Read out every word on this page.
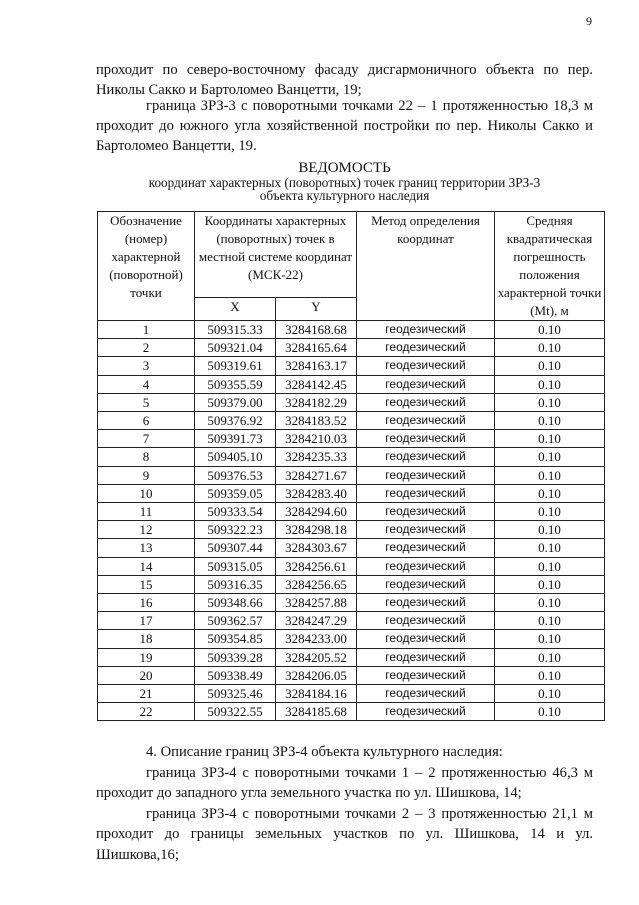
9
проходит по северо-восточному фасаду дисгармоничного объекта по пер. Николы Сакко и Бартоломео Ванцетти, 19;
граница ЗРЗ-3 с поворотными точками 22 – 1 протяженностью 18,3 м проходит до южного угла хозяйственной постройки по пер. Николы Сакко и Бартоломео Ванцетти, 19.
ВЕДОМОСТЬ
координат характерных (поворотных) точек границ территории ЗРЗ-3
объекта культурного наследия
Обозначение (номер) характерной (поворотной) точки	Координаты характерных (поворотных) точек в местной системе координат (МСК-22)		Метод определения координат	Средняя квадратическая погрешность положения характерной точки (Mt), м
	X	Y		
1	509315.33	3284168.68	геодезический	0.10
2	509321.04	3284165.64	геодезический	0.10
3	509319.61	3284163.17	геодезический	0.10
4	509355.59	3284142.45	геодезический	0.10
5	509379.00	3284182.29	геодезический	0.10
6	509376.92	3284183.52	геодезический	0.10
7	509391.73	3284210.03	геодезический	0.10
8	509405.10	3284235.33	геодезический	0.10
9	509376.53	3284271.67	геодезический	0.10
10	509359.05	3284283.40	геодезический	0.10
11	509333.54	3284294.60	геодезический	0.10
12	509322.23	3284298.18	геодезический	0.10
13	509307.44	3284303.67	геодезический	0.10
14	509315.05	3284256.61	геодезический	0.10
15	509316.35	3284256.65	геодезический	0.10
16	509348.66	3284257.88	геодезический	0.10
17	509362.57	3284247.29	геодезический	0.10
18	509354.85	3284233.00	геодезический	0.10
19	509339.28	3284205.52	геодезический	0.10
20	509338.49	3284206.05	геодезический	0.10
21	509325.46	3284184.16	геодезический	0.10
22	509322.55	3284185.68	геодезический	0.10
4. Описание границ ЗРЗ-4 объекта культурного наследия:
граница ЗРЗ-4 с поворотными точками 1 – 2 протяженностью 46,3 м проходит до западного угла земельного участка по ул. Шишкова, 14;
граница ЗРЗ-4 с поворотными точками 2 – 3 протяженностью 21,1 м проходит до границы земельных участков по ул. Шишкова, 14 и ул. Шишкова,16;
